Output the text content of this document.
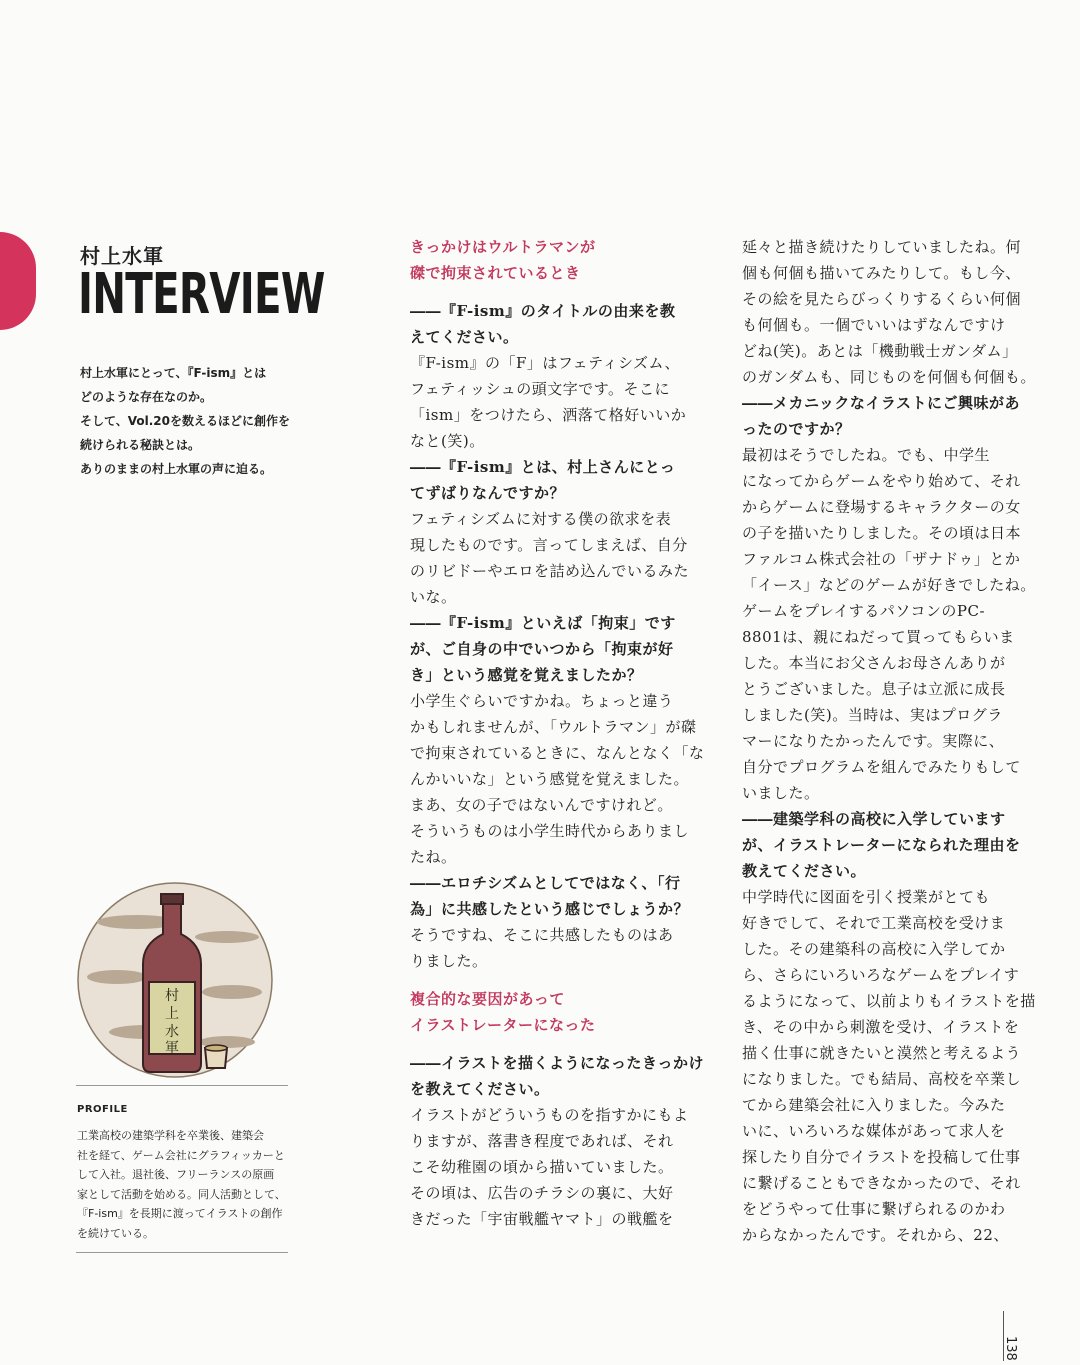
村上水軍
INTERVIEW
村上水軍にとって、『F-ism』とは
どのような存在なのか。
そして、Vol.20を数えるほどに創作を
続けられる秘訣とは。
ありのままの村上水軍の声に迫る。
村
上
水
軍
PROFILE
工業高校の建築学科を卒業後、建築会
社を経て、ゲーム会社にグラフィッカーと
して入社。退社後、フリーランスの原画
家として活動を始める。同人活動として、
『F-ism』を長期に渡ってイラストの創作
を続けている。
きっかけはウルトラマンが
磔で拘束されているとき
――『F-ism』のタイトルの由来を教
えてください。
『F-ism』の「F」はフェティシズム、
フェティッシュの頭文字です。そこに
「ism」をつけたら、洒落て格好いいか
なと(笑)。
――『F-ism』とは、村上さんにとっ
てずばりなんですか？
フェティシズムに対する僕の欲求を表
現したものです。言ってしまえば、自分
のリビドーやエロを詰め込んでいるみた
いな。
――『F-ism』といえば「拘束」です
が、ご自身の中でいつから「拘束が好
き」という感覚を覚えましたか？
小学生ぐらいですかね。ちょっと違う
かもしれませんが、「ウルトラマン」が磔
で拘束されているときに、なんとなく「な
んかいいな」という感覚を覚えました。
まあ、女の子ではないんですけれど。
そういうものは小学生時代からありまし
たね。
――エロチシズムとしてではなく、「行
為」に共感したという感じでしょうか？
そうですね、そこに共感したものはあ
りました。
複合的な要因があって
イラストレーターになった
――イラストを描くようになったきっかけ
を教えてください。
イラストがどういうものを指すかにもよ
りますが、落書き程度であれば、それ
こそ幼稚園の頃から描いていました。
その頃は、広告のチラシの裏に、大好
きだった「宇宙戦艦ヤマト」の戦艦を
延々と描き続けたりしていましたね。何
個も何個も描いてみたりして。もし今、
その絵を見たらびっくりするくらい何個
も何個も。一個でいいはずなんですけ
どね(笑)。あとは「機動戦士ガンダム」
のガンダムも、同じものを何個も何個も。
――メカニックなイラストにご興味があ
ったのですか？
最初はそうでしたね。でも、中学生
になってからゲームをやり始めて、それ
からゲームに登場するキャラクターの女
の子を描いたりしました。その頃は日本
ファルコム株式会社の「ザナドゥ」とか
「イース」などのゲームが好きでしたね。
ゲームをプレイするパソコンのPC-
8801は、親にねだって買ってもらいま
した。本当にお父さんお母さんありが
とうございました。息子は立派に成長
しました(笑)。当時は、実はプログラ
マーになりたかったんです。実際に、
自分でプログラムを組んでみたりもして
いました。
――建築学科の高校に入学しています
が、イラストレーターになられた理由を
教えてください。
中学時代に図面を引く授業がとても
好きでして、それで工業高校を受けま
した。その建築科の高校に入学してか
ら、さらにいろいろなゲームをプレイす
るようになって、以前よりもイラストを描
き、その中から刺激を受け、イラストを
描く仕事に就きたいと漠然と考えるよう
になりました。でも結局、高校を卒業し
てから建築会社に入りました。今みた
いに、いろいろな媒体があって求人を
探したり自分でイラストを投稿して仕事
に繋げることもできなかったので、それ
をどうやって仕事に繋げられるのかわ
からなかったんです。それから、22、
138
